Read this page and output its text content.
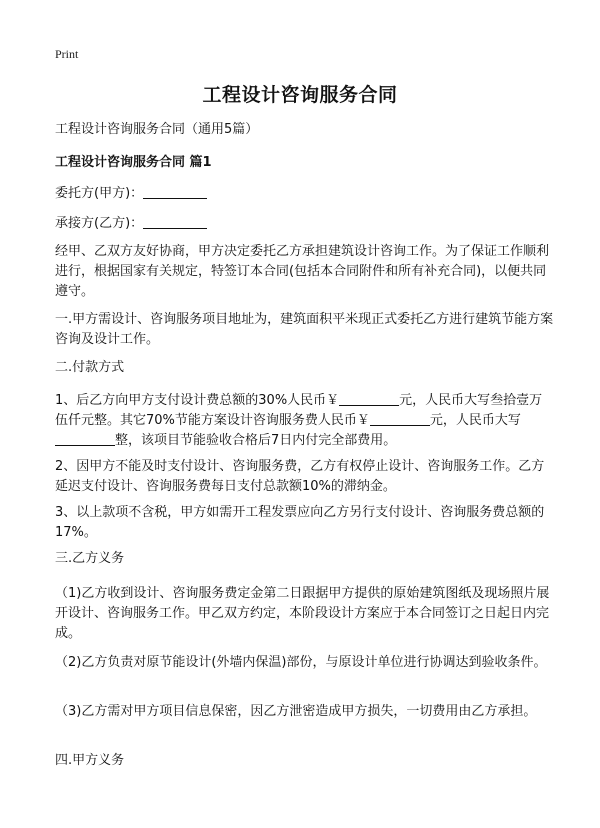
Print
工程设计咨询服务合同
工程设计咨询服务合同（通用5篇）
工程设计咨询服务合同 篇1
委托方(甲方)：
承接方(乙方)：
经甲、乙双方友好协商，甲方决定委托乙方承担建筑设计咨询工作。为了保证工作顺利进行，根据国家有关规定，特签订本合同(包括本合同附件和所有补充合同)，以便共同遵守。
一.甲方需设计、咨询服务项目地址为，建筑面积平米现正式委托乙方进行建筑节能方案咨询及设计工作。
二.付款方式
1、后乙方向甲方支付设计费总额的30%人民币￥	元，人民币大写叁拾壹万伍仟元整。其它70%节能方案设计咨询服务费人民币￥	元，人民币大写整，该项目节能验收合格后7日内付完全部费用。
2、因甲方不能及时支付设计、咨询服务费，乙方有权停止设计、咨询服务工作。乙方延迟支付设计、咨询服务费每日支付总款额10%的滞纳金。
3、以上款项不含税，甲方如需开工程发票应向乙方另行支付设计、咨询服务费总额的17%。
三.乙方义务
（1)乙方收到设计、咨询服务费定金第二日跟据甲方提供的原始建筑图纸及现场照片展开设计、咨询服务工作。甲乙双方约定，本阶段设计方案应于本合同签订之日起日内完成。
（2)乙方负责对原节能设计(外墙内保温)部份，与原设计单位进行协调达到验收条件。
（3)乙方需对甲方项目信息保密，因乙方泄密造成甲方损失，一切费用由乙方承担。
四.甲方义务
